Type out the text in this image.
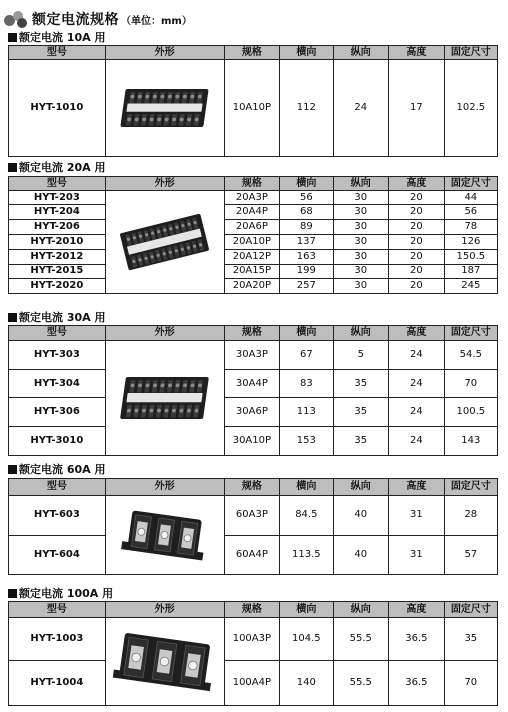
额定电流规格 （单位：mm）
额定电流 10A 用
型号	外形	规格	横向	纵向	高度	固定尺寸
HYT-1010		10A10P	112	24	17	102.5
额定电流 20A 用
型号	外形	规格	横向	纵向	高度	固定尺寸
HYT-203		20A3P	56	30	20	44
HYT-204		20A4P	68	30	20	56
HYT-206		20A6P	89	30	20	78
HYT-2010		20A10P	137	30	20	126
HYT-2012		20A12P	163	30	20	150.5
HYT-2015		20A15P	199	30	20	187
HYT-2020		20A20P	257	30	20	245
额定电流 30A 用
型号	外形	规格	横向	纵向	高度	固定尺寸
HYT-303		30A3P	67	5	24	54.5
HYT-304		30A4P	83	35	24	70
HYT-306		30A6P	113	35	24	100.5
HYT-3010		30A10P	153	35	24	143
额定电流 60A 用
型号	外形	规格	横向	纵向	高度	固定尺寸
HYT-603		60A3P	84.5	40	31	28
HYT-604		60A4P	113.5	40	31	57
额定电流 100A 用
型号	外形	规格	横向	纵向	高度	固定尺寸
HYT-1003		100A3P	104.5	55.5	36.5	35
HYT-1004		100A4P	140	55.5	36.5	70
